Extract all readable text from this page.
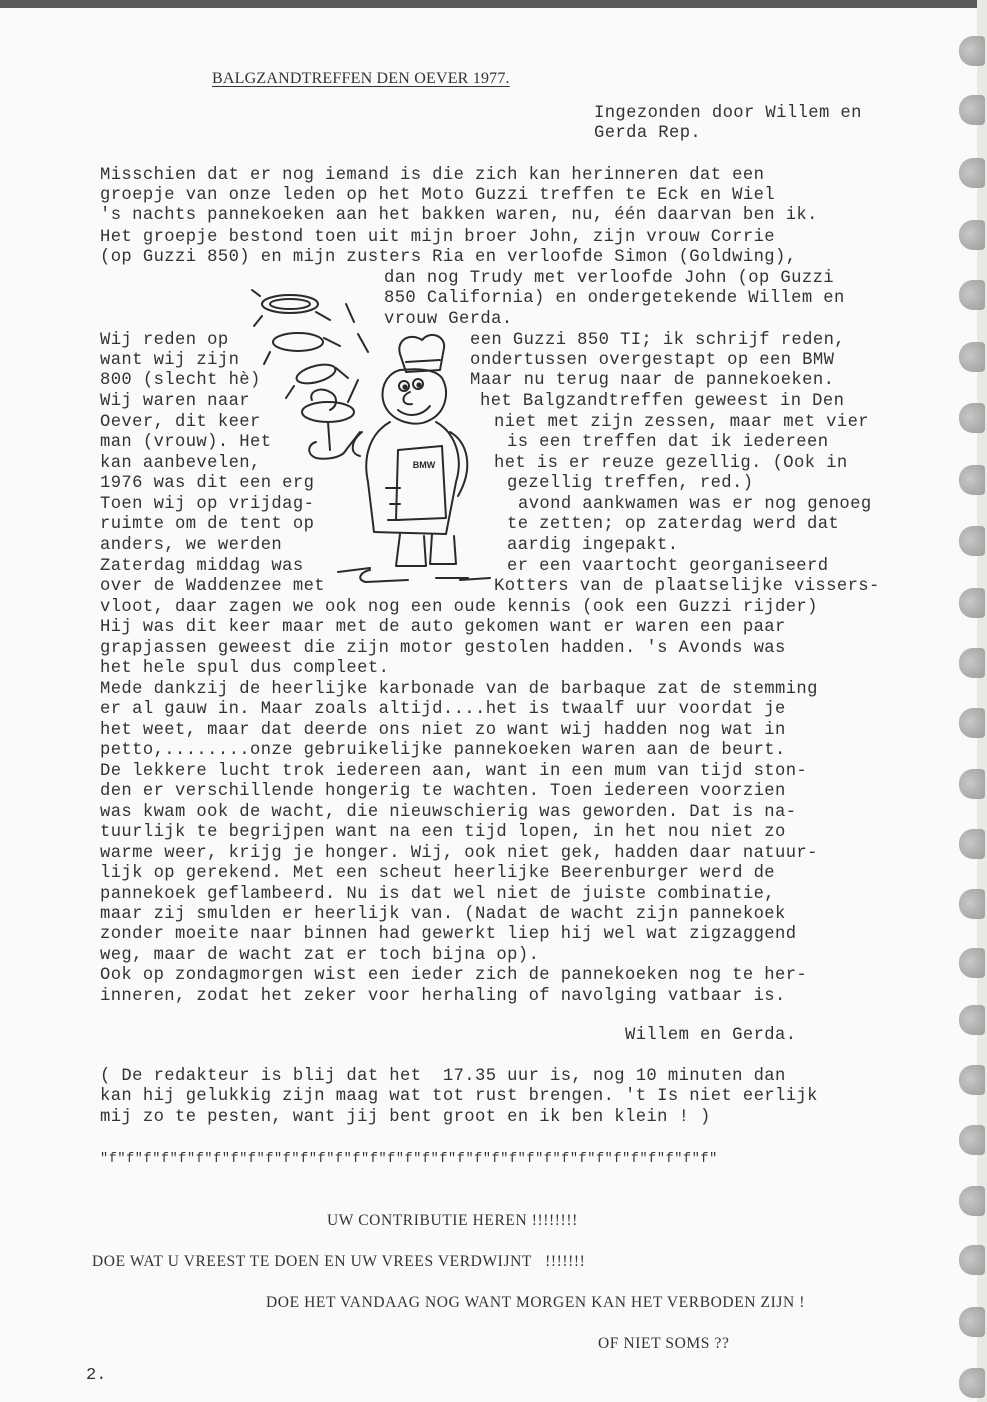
BALGZANDTREFFEN DEN OEVER 1977.
Ingezonden door Willem en
Gerda Rep.
Misschien dat er nog iemand is die zich kan herinneren dat een
groepje van onze leden op het Moto Guzzi treffen te Eck en Wiel
's nachts pannekoeken aan het bakken waren, nu, één daarvan ben ik.
Het groepje bestond toen uit mijn broer John, zijn vrouw Corrie
(op Guzzi 850) en mijn zusters Ria en verloofde Simon (Goldwing),
dan nog Trudy met verloofde John (op Guzzi
850 California) en ondergetekende Willem en
vrouw Gerda.
Wij reden op	een Guzzi 850 TI; ik schrijf reden,
want wij zijn	ondertussen overgestapt op een BMW
800 (slecht hè)	Maar nu terug naar de pannekoeken.
Wij waren naar	het Balgzandtreffen geweest in Den
Oever, dit keer	niet met zijn zessen, maar met vier
man (vrouw). Het	is een treffen dat ik iedereen
kan aanbevelen,	het is er reuze gezellig. (Ook in
1976 was dit een erg	gezellig treffen, red.)
Toen wij op vrijdag-	avond aankwamen was er nog genoeg
ruimte om de tent op	te zetten; op zaterdag werd dat
anders, we werden	aardig ingepakt.
Zaterdag middag was	er een vaartocht georganiseerd
over de Waddenzee met	Kotters van de plaatselijke vissers-
vloot, daar zagen we ook nog een oude kennis (ook een Guzzi rijder)
Hij was dit keer maar met de auto gekomen want er waren een paar
grapjassen geweest die zijn motor gestolen hadden. 's Avonds was
het hele spul dus compleet.
Mede dankzij de heerlijke karbonade van de barbaque zat de stemming
er al gauw in. Maar zoals altijd....het is twaalf uur voordat je
het weet, maar dat deerde ons niet zo want wij hadden nog wat in
petto,........onze gebruikelijke pannekoeken waren aan de beurt.
De lekkere lucht trok iedereen aan, want in een mum van tijd ston-
den er verschillende hongerig te wachten. Toen iedereen voorzien
was kwam ook de wacht, die nieuwschierig was geworden. Dat is na-
tuurlijk te begrijpen want na een tijd lopen, in het nou niet zo
warme weer, krijg je honger. Wij, ook niet gek, hadden daar natuur-
lijk op gerekend. Met een scheut heerlijke Beerenburger werd de
pannekoek geflambeerd. Nu is dat wel niet de juiste combinatie,
maar zij smulden er heerlijk van. (Nadat de wacht zijn pannekoek
zonder moeite naar binnen had gewerkt liep hij wel wat zigzaggend
weg, maar de wacht zat er toch bijna op).
Ook op zondagmorgen wist een ieder zich de pannekoeken nog te her-
inneren, zodat het zeker voor herhaling of navolging vatbaar is.
Willem en Gerda.
( De redakteur is blij dat het  17.35 uur is, nog 10 minuten dan
kan hij gelukkig zijn maag wat tot rust brengen. 't Is niet eerlijk
mij zo te pesten, want jij bent groot en ik ben klein ! )
"f"f"f"f"f"f"f"f"f"f"f"f"f"f"f"f"f"f"f"f"f"f"f"f"f"f"f"f"f"f"f"f"f"f"f"
UW CONTRIBUTIE HEREN !!!!!!!!
DOE WAT U VREEST TE DOEN EN UW VREES VERDWIJNT   !!!!!!!
DOE HET VANDAAG NOG WANT MORGEN KAN HET VERBODEN ZIJN !
OF NIET SOMS ??
2.
BMW
